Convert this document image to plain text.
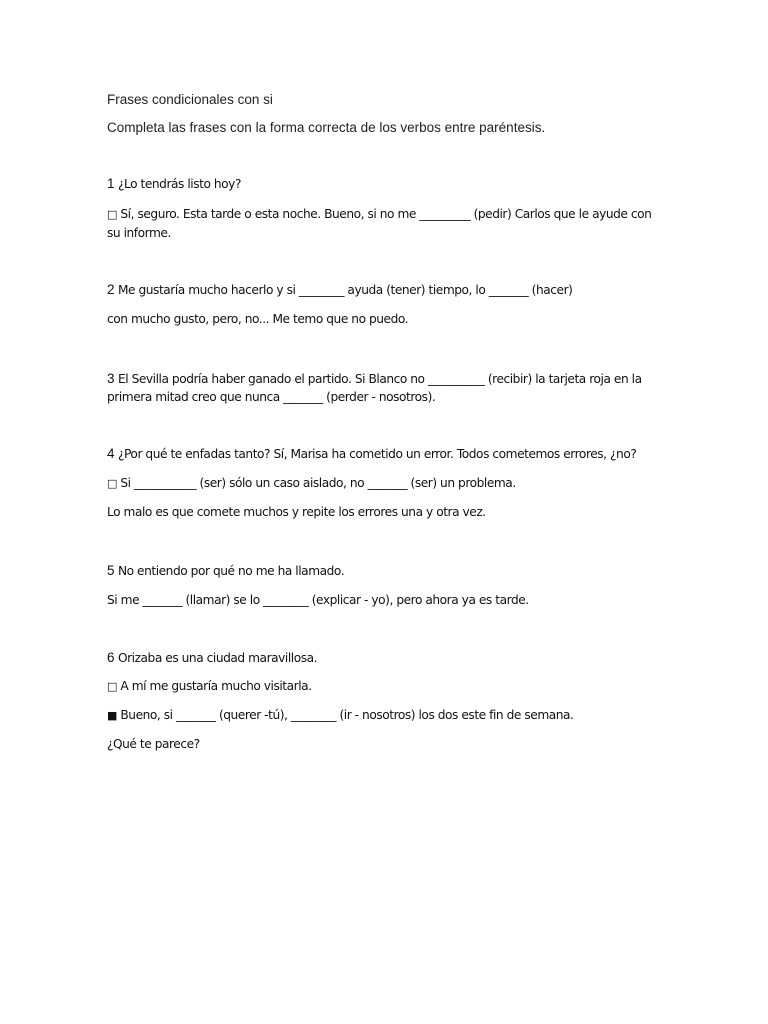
Frases condicionales con si
Completa las frases con la forma correcta de los verbos entre paréntesis.
1 ¿Lo tendrás listo hoy?
□ Sí, seguro. Esta tarde o esta noche. Bueno, si no me _________ (pedir) Carlos que le ayude con su informe.
2 Me gustaría mucho hacerlo y si ________ ayuda (tener) tiempo, lo _______ (hacer)
con mucho gusto, pero, no... Me temo que no puedo.
3 El Sevilla podría haber ganado el partido. Si Blanco no __________ (recibir) la tarjeta roja en la primera mitad creo que nunca _______ (perder - nosotros).
4 ¿Por qué te enfadas tanto? Sí, Marisa ha cometido un error. Todos cometemos errores, ¿no?
□ Si ___________ (ser) sólo un caso aislado, no _______ (ser) un problema.
Lo malo es que comete muchos y repite los errores una y otra vez.
5 No entiendo por qué no me ha llamado.
Si me _______ (llamar) se lo ________ (explicar - yo), pero ahora ya es tarde.
6 Orizaba es una ciudad maravillosa.
□ A mí me gustaría mucho visitarla.
■ Bueno, si _______ (querer -tú), ________ (ir - nosotros) los dos este fin de semana.
¿Qué te parece?
